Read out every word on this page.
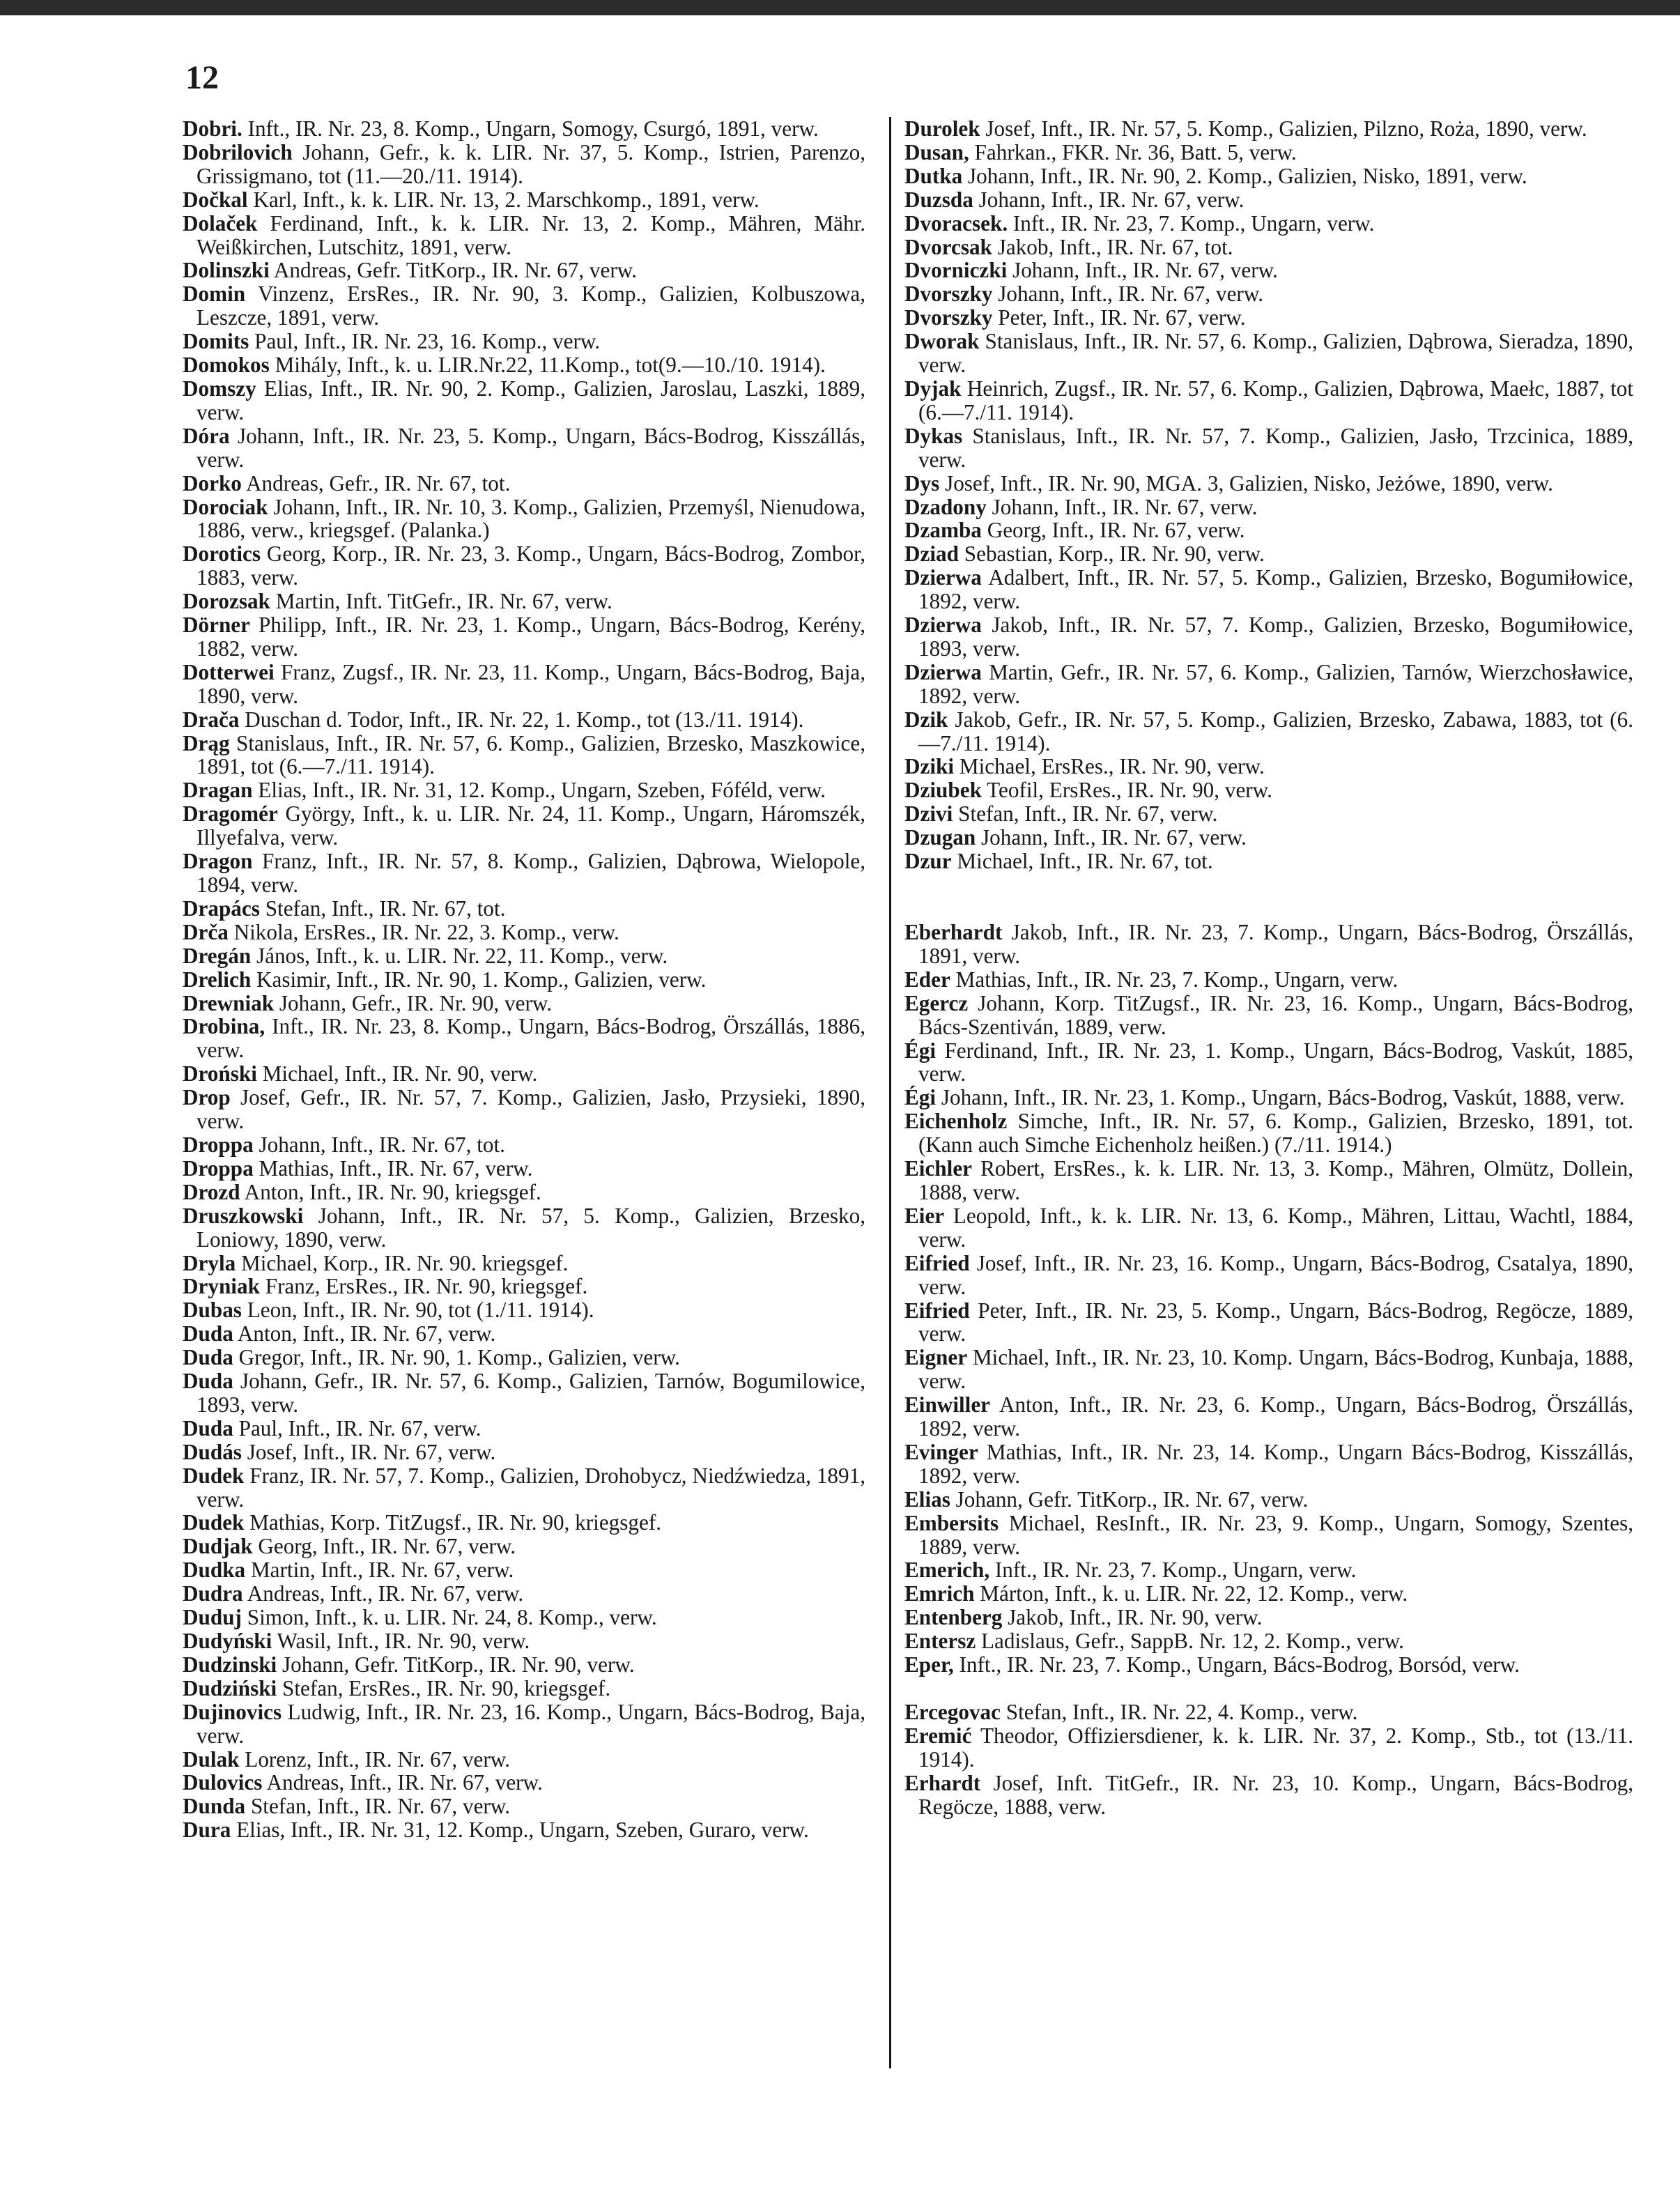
12

Dobri. Inft., IR. Nr. 23, 8. Komp., Ungarn, Somogy, Csurgó, 1891, verw.

Dobrilovich Johann, Gefr., k. k. LIR. Nr. 37, 5. Komp., Istrien, Parenzo, Grissigmano, tot (11.—20./11. 1914).

Dočkal Karl, Inft., k. k. LIR. Nr. 13, 2. Marschkomp., 1891, verw.

Dolaček Ferdinand, Inft., k. k. LIR. Nr. 13, 2. Komp., Mähren, Mähr. Weißkirchen, Lutschitz, 1891, verw.

Dolinszki Andreas, Gefr. TitKorp., IR. Nr. 67, verw.

Domin Vinzenz, ErsRes., IR. Nr. 90, 3. Komp., Galizien, Kolbuszowa, Leszcze, 1891, verw.

Domits Paul, Inft., IR. Nr. 23, 16. Komp., verw.

Domokos Mihály, Inft., k. u. LIR.Nr.22, 11.Komp., tot(9.—10./10. 1914).

Domszy Elias, Inft., IR. Nr. 90, 2. Komp., Galizien, Jaroslau, Laszki, 1889, verw.

Dóra Johann, Inft., IR. Nr. 23, 5. Komp., Ungarn, Bács-Bodrog, Kisszállás, verw.

Dorko Andreas, Gefr., IR. Nr. 67, tot.

Dorociak Johann, Inft., IR. Nr. 10, 3. Komp., Galizien, Przemyśl, Nienudowa, 1886, verw., kriegsgef. (Palanka.)

Dorotics Georg, Korp., IR. Nr. 23, 3. Komp., Ungarn, Bács-Bodrog, Zombor, 1883, verw.

Dorozsak Martin, Inft. TitGefr., IR. Nr. 67, verw.

Dörner Philipp, Inft., IR. Nr. 23, 1. Komp., Ungarn, Bács-Bodrog, Kerény, 1882, verw.

Dotterwei Franz, Zugsf., IR. Nr. 23, 11. Komp., Ungarn, Bács-Bodrog, Baja, 1890, verw.

Drača Duschan d. Todor, Inft., IR. Nr. 22, 1. Komp., tot (13./11. 1914).

Drąg Stanislaus, Inft., IR. Nr. 57, 6. Komp., Galizien, Brzesko, Maszkowice, 1891, tot (6.—7./11. 1914).

Dragan Elias, Inft., IR. Nr. 31, 12. Komp., Ungarn, Szeben, Fóféld, verw.

Dragomér György, Inft., k. u. LIR. Nr. 24, 11. Komp., Ungarn, Háromszék, Illyefalva, verw.

Dragon Franz, Inft., IR. Nr. 57, 8. Komp., Galizien, Dąbrowa, Wielopole, 1894, verw.

Drapács Stefan, Inft., IR. Nr. 67, tot.

Drča Nikola, ErsRes., IR. Nr. 22, 3. Komp., verw.

Dregán János, Inft., k. u. LIR. Nr. 22, 11. Komp., verw.

Drelich Kasimir, Inft., IR. Nr. 90, 1. Komp., Galizien, verw.

Drewniak Johann, Gefr., IR. Nr. 90, verw.

Drobina, Inft., IR. Nr. 23, 8. Komp., Ungarn, Bács-Bodrog, Örszállás, 1886, verw.

Droński Michael, Inft., IR. Nr. 90, verw.

Drop Josef, Gefr., IR. Nr. 57, 7. Komp., Galizien, Jasło, Przysieki, 1890, verw.

Droppa Johann, Inft., IR. Nr. 67, tot.

Droppa Mathias, Inft., IR. Nr. 67, verw.

Drozd Anton, Inft., IR. Nr. 90, kriegsgef.

Druszkowski Johann, Inft., IR. Nr. 57, 5. Komp., Galizien, Brzesko, Loniowy, 1890, verw.

Dryla Michael, Korp., IR. Nr. 90. kriegsgef.

Dryniak Franz, ErsRes., IR. Nr. 90, kriegsgef.

Dubas Leon, Inft., IR. Nr. 90, tot (1./11. 1914).

Duda Anton, Inft., IR. Nr. 67, verw.

Duda Gregor, Inft., IR. Nr. 90, 1. Komp., Galizien, verw.

Duda Johann, Gefr., IR. Nr. 57, 6. Komp., Galizien, Tarnów, Bogumilowice, 1893, verw.

Duda Paul, Inft., IR. Nr. 67, verw.

Dudás Josef, Inft., IR. Nr. 67, verw.

Dudek Franz, IR. Nr. 57, 7. Komp., Galizien, Drohobycz, Niedźwiedza, 1891, verw.

Dudek Mathias, Korp. TitZugsf., IR. Nr. 90, kriegsgef.

Dudjak Georg, Inft., IR. Nr. 67, verw.

Dudka Martin, Inft., IR. Nr. 67, verw.

Dudra Andreas, Inft., IR. Nr. 67, verw.

Duduj Simon, Inft., k. u. LIR. Nr. 24, 8. Komp., verw.

Dudyński Wasil, Inft., IR. Nr. 90, verw.

Dudzinski Johann, Gefr. TitKorp., IR. Nr. 90, verw.

Dudziński Stefan, ErsRes., IR. Nr. 90, kriegsgef.

Dujinovics Ludwig, Inft., IR. Nr. 23, 16. Komp., Ungarn, Bács-Bodrog, Baja, verw.

Dulak Lorenz, Inft., IR. Nr. 67, verw.

Dulovics Andreas, Inft., IR. Nr. 67, verw.

Dunda Stefan, Inft., IR. Nr. 67, verw.

Dura Elias, Inft., IR. Nr. 31, 12. Komp., Ungarn, Szeben, Guraro, verw.

Durolek Josef, Inft., IR. Nr. 57, 5. Komp., Galizien, Pilzno, Roża, 1890, verw.

Dusan, Fahrkan., FKR. Nr. 36, Batt. 5, verw.

Dutka Johann, Inft., IR. Nr. 90, 2. Komp., Galizien, Nisko, 1891, verw.

Duzsda Johann, Inft., IR. Nr. 67, verw.

Dvoracsek. Inft., IR. Nr. 23, 7. Komp., Ungarn, verw.

Dvorcsak Jakob, Inft., IR. Nr. 67, tot.

Dvorniczki Johann, Inft., IR. Nr. 67, verw.

Dvorszky Johann, Inft., IR. Nr. 67, verw.

Dvorszky Peter, Inft., IR. Nr. 67, verw.

Dworak Stanislaus, Inft., IR. Nr. 57, 6. Komp., Galizien, Dąbrowa, Sieradza, 1890, verw.

Dyjak Heinrich, Zugsf., IR. Nr. 57, 6. Komp., Galizien, Dąbrowa, Maełc, 1887, tot (6.—7./11. 1914).

Dykas Stanislaus, Inft., IR. Nr. 57, 7. Komp., Galizien, Jasło, Trzcinica, 1889, verw.

Dys Josef, Inft., IR. Nr. 90, MGA. 3, Galizien, Nisko, Jeżówe, 1890, verw.

Dzadony Johann, Inft., IR. Nr. 67, verw.

Dzamba Georg, Inft., IR. Nr. 67, verw.

Dziad Sebastian, Korp., IR. Nr. 90, verw.

Dzierwa Adalbert, Inft., IR. Nr. 57, 5. Komp., Galizien, Brzesko, Bogumiłowice, 1892, verw.

Dzierwa Jakob, Inft., IR. Nr. 57, 7. Komp., Galizien, Brzesko, Bogumiłowice, 1893, verw.

Dzierwa Martin, Gefr., IR. Nr. 57, 6. Komp., Galizien, Tarnów, Wierzchosławice, 1892, verw.

Dzik Jakob, Gefr., IR. Nr. 57, 5. Komp., Galizien, Brzesko, Zabawa, 1883, tot (6.—7./11. 1914).

Dziki Michael, ErsRes., IR. Nr. 90, verw.

Dziubek Teofil, ErsRes., IR. Nr. 90, verw.

Dzivi Stefan, Inft., IR. Nr. 67, verw.

Dzugan Johann, Inft., IR. Nr. 67, verw.

Dzur Michael, Inft., IR. Nr. 67, tot.

Eberhardt Jakob, Inft., IR. Nr. 23, 7. Komp., Ungarn, Bács-Bodrog, Örszállás, 1891, verw.

Eder Mathias, Inft., IR. Nr. 23, 7. Komp., Ungarn, verw.

Egercz Johann, Korp. TitZugsf., IR. Nr. 23, 16. Komp., Ungarn, Bács-Bodrog, Bács-Szentiván, 1889, verw.

Égi Ferdinand, Inft., IR. Nr. 23, 1. Komp., Ungarn, Bács-Bodrog, Vaskút, 1885, verw.

Égi Johann, Inft., IR. Nr. 23, 1. Komp., Ungarn, Bács-Bodrog, Vaskút, 1888, verw.

Eichenholz Simche, Inft., IR. Nr. 57, 6. Komp., Galizien, Brzesko, 1891, tot. (Kann auch Simche Eichenholz heißen.) (7./11. 1914.)

Eichler Robert, ErsRes., k. k. LIR. Nr. 13, 3. Komp., Mähren, Olmütz, Dollein, 1888, verw.

Eier Leopold, Inft., k. k. LIR. Nr. 13, 6. Komp., Mähren, Littau, Wachtl, 1884, verw.

Eifried Josef, Inft., IR. Nr. 23, 16. Komp., Ungarn, Bács-Bodrog, Csatalya, 1890, verw.

Eifried Peter, Inft., IR. Nr. 23, 5. Komp., Ungarn, Bács-Bodrog, Regöcze, 1889, verw.

Eigner Michael, Inft., IR. Nr. 23, 10. Komp. Ungarn, Bács-Bodrog, Kunbaja, 1888, verw.

Einwiller Anton, Inft., IR. Nr. 23, 6. Komp., Ungarn, Bács-Bodrog, Örszállás, 1892, verw.

Evinger Mathias, Inft., IR. Nr. 23, 14. Komp., Ungarn Bács-Bodrog, Kisszállás, 1892, verw.

Elias Johann, Gefr. TitKorp., IR. Nr. 67, verw.

Embersits Michael, ResInft., IR. Nr. 23, 9. Komp., Ungarn, Somogy, Szentes, 1889, verw.

Emerich, Inft., IR. Nr. 23, 7. Komp., Ungarn, verw.

Emrich Márton, Inft., k. u. LIR. Nr. 22, 12. Komp., verw.

Entenberg Jakob, Inft., IR. Nr. 90, verw.

Entersz Ladislaus, Gefr., SappB. Nr. 12, 2. Komp., verw.

Eper, Inft., IR. Nr. 23, 7. Komp., Ungarn, Bács-Bodrog, Borsód, verw.

Ercegovac Stefan, Inft., IR. Nr. 22, 4. Komp., verw.

Eremić Theodor, Offiziersdiener, k. k. LIR. Nr. 37, 2. Komp., Stb., tot (13./11. 1914).

Erhardt Josef, Inft. TitGefr., IR. Nr. 23, 10. Komp., Ungarn, Bács-Bodrog, Regöcze, 1888, verw.
